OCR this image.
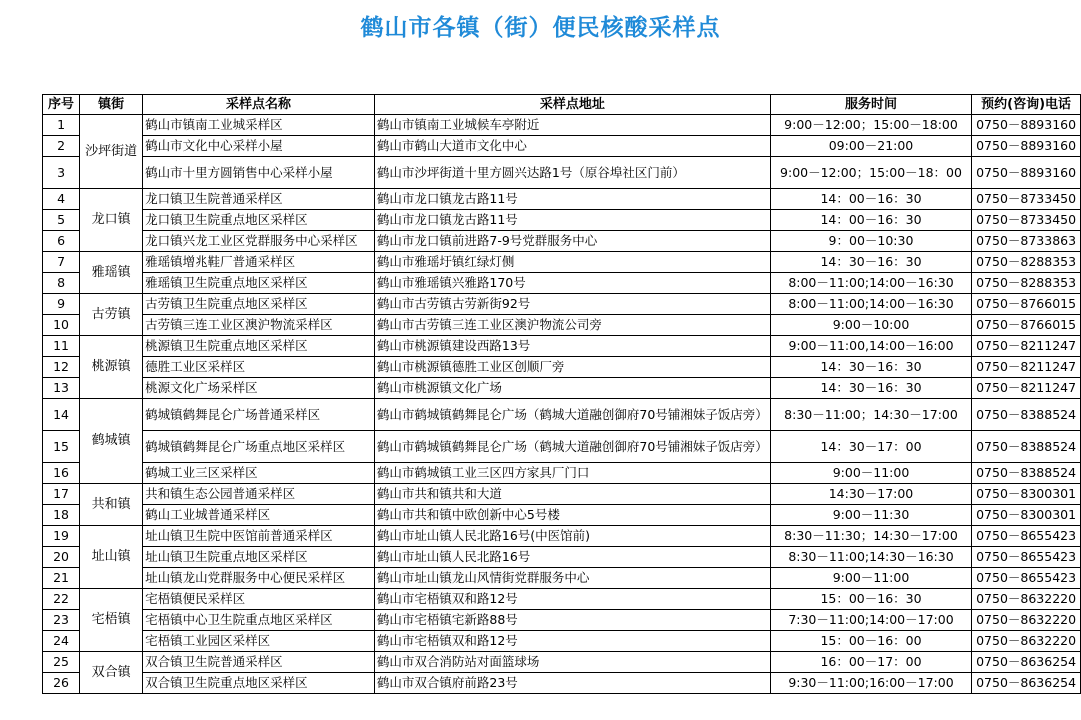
鹤山市各镇（街）便民核酸采样点
序号	镇街	采样点名称	采样点地址	服务时间	预约(咨询)电话
1	沙坪街道	鹤山市镇南工业城采样区	鹤山市镇南工业城候车亭附近	9:00－12:00；15:00－18:00	0750－8893160
2		鹤山市文化中心采样小屋	鹤山市鹤山大道市文化中心	09:00－21:00	0750－8893160
3		鹤山市十里方圆销售中心采样小屋	鹤山市沙坪街道十里方圆兴达路1号（原谷埠社区门前）	9:00－12:00；15:00－18：00	0750－8893160
4	龙口镇	龙口镇卫生院普通采样区	鹤山市龙口镇龙古路11号	14：00－16：30	0750－8733450
5		龙口镇卫生院重点地区采样区	鹤山市龙口镇龙古路11号	14：00－16：30	0750－8733450
6		龙口镇兴龙工业区党群服务中心采样区	鹤山市龙口镇前进路7-9号党群服务中心	9：00－10:30	0750－8733863
7	雅瑶镇	雅瑶镇增兆鞋厂普通采样区	鹤山市雅瑶圩镇红绿灯侧	14：30－16：30	0750－8288353
8		雅瑶镇卫生院重点地区采样区	鹤山市雅瑶镇兴雅路170号	8:00－11:00;14:00－16:30	0750－8288353
9	古劳镇	古劳镇卫生院重点地区采样区	鹤山市古劳镇古劳新街92号	8:00－11:00;14:00－16:30	0750－8766015
10		古劳镇三连工业区澳沪物流采样区	鹤山市古劳镇三连工业区澳沪物流公司旁	9:00－10:00	0750－8766015
11	桃源镇	桃源镇卫生院重点地区采样区	鹤山市桃源镇建设西路13号	9:00－11:00,14:00－16:00	0750－8211247
12		德胜工业区采样区	鹤山市桃源镇德胜工业区创顺厂旁	14：30－16：30	0750－8211247
13		桃源文化广场采样区	鹤山市桃源镇文化广场	14：30－16：30	0750－8211247
14	鹤城镇	鹤城镇鹤舞昆仑广场普通采样区	鹤山市鹤城镇鹤舞昆仑广场（鹤城大道融创御府70号铺湘妹子饭店旁）	8:30－11:00；14:30－17:00	0750－8388524
15		鹤城镇鹤舞昆仑广场重点地区采样区	鹤山市鹤城镇鹤舞昆仑广场（鹤城大道融创御府70号铺湘妹子饭店旁）	14：30－17：00	0750－8388524
16		鹤城工业三区采样区	鹤山市鹤城镇工业三区四方家具厂门口	9:00－11:00	0750－8388524
17	共和镇	共和镇生态公园普通采样区	鹤山市共和镇共和大道	14:30－17:00	0750－8300301
18		鹤山工业城普通采样区	鹤山市共和镇中欧创新中心5号楼	9:00－11:30	0750－8300301
19	址山镇	址山镇卫生院中医馆前普通采样区	鹤山市址山镇人民北路16号(中医馆前)	8:30－11:30；14:30－17:00	0750－8655423
20		址山镇卫生院重点地区采样区	鹤山市址山镇人民北路16号	8:30－11:00;14:30－16:30	0750－8655423
21		址山镇龙山党群服务中心便民采样区	鹤山市址山镇龙山风情街党群服务中心	9:00－11:00	0750－8655423
22	宅梧镇	宅梧镇便民采样区	鹤山市宅梧镇双和路12号	15：00－16：30	0750－8632220
23		宅梧镇中心卫生院重点地区采样区	鹤山市宅梧镇宅新路88号	7:30－11:00;14:00－17:00	0750－8632220
24		宅梧镇工业园区采样区	鹤山市宅梧镇双和路12号	15：00－16：00	0750－8632220
25	双合镇	双合镇卫生院普通采样区	鹤山市双合消防站对面篮球场	16：00－17：00	0750－8636254
26		双合镇卫生院重点地区采样区	鹤山市双合镇府前路23号	9:30－11:00;16:00－17:00	0750－8636254
